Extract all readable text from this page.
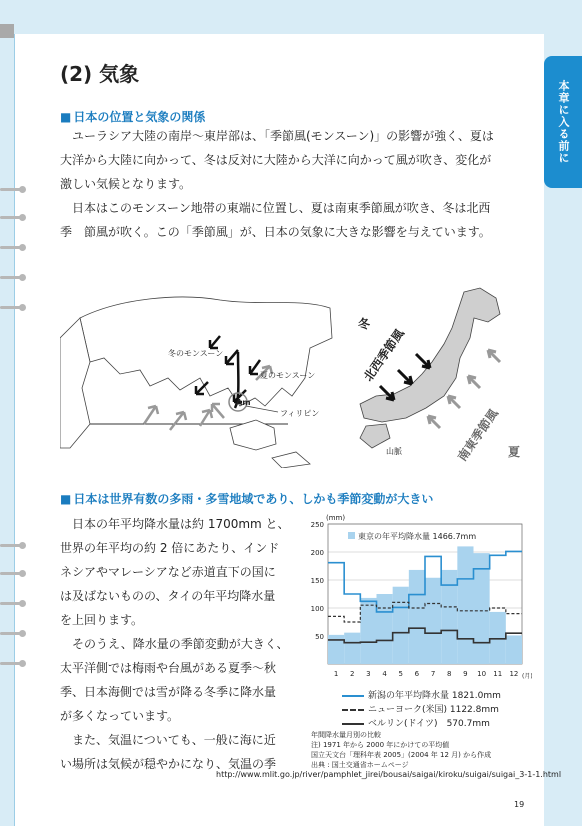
本章に入る前に
(2) 気象
■ 日本の位置と気象の関係
　ユーラシア大陸の南岸〜東岸部は、「季節風(モンスーン)」の影響が強く、夏は
大洋から大陸に向かって、冬は反対に大陸から大洋に向かって風が吹き、変化が
激しい気候となります。
　日本はこのモンスーン地帯の東端に位置し、夏は南東季節風が吹き、冬は北西
季　節風が吹く。この「季節風」が、日本の気象に大きな影響を与えています。
冬のモンスーン
夏のモンスーン
Am
フィリピン
冬
北西季節風
山脈	南東季節風 夏
■ 日本は世界有数の多雨・多雪地域であり、しかも季節変動が大きい
　日本の年平均降水量は約 1700mm と、
世界の年平均の約 2 倍にあたり、インド
ネシアやマレーシアなど赤道直下の国に
は及ばないものの、タイの年平均降水量
を上回ります。
　そのうえ、降水量の季節変動が大きく、
太平洋側では梅雨や台風がある夏季〜秋
季、日本海側では雪が降る冬季に降水量
が多くなっています。
　また、気温についても、一般に海に近
い場所は気候が穏やかになり、気温の季
(mm)
50
100
150
200
250
1 2 3 4 5 6 7 8 9 10 11 12 (月)
東京の年平均降水量 1466.7mm
新潟の年平均降水量 1821.0mm
ニューヨーク(米国) 1122.8mm
ベルリン(ドイツ)　570.7mm
年間降水量月別の比較
注) 1971 年から 2000 年にかけての平均値
国立天文台「理科年表 2005」(2004 年 12 月) から作成
出典 : 国土交通省ホームページ
http://www.mlit.go.jp/river/pamphlet_jirei/bousai/saigai/kiroku/suigai/suigai_3-1-1.html
19
